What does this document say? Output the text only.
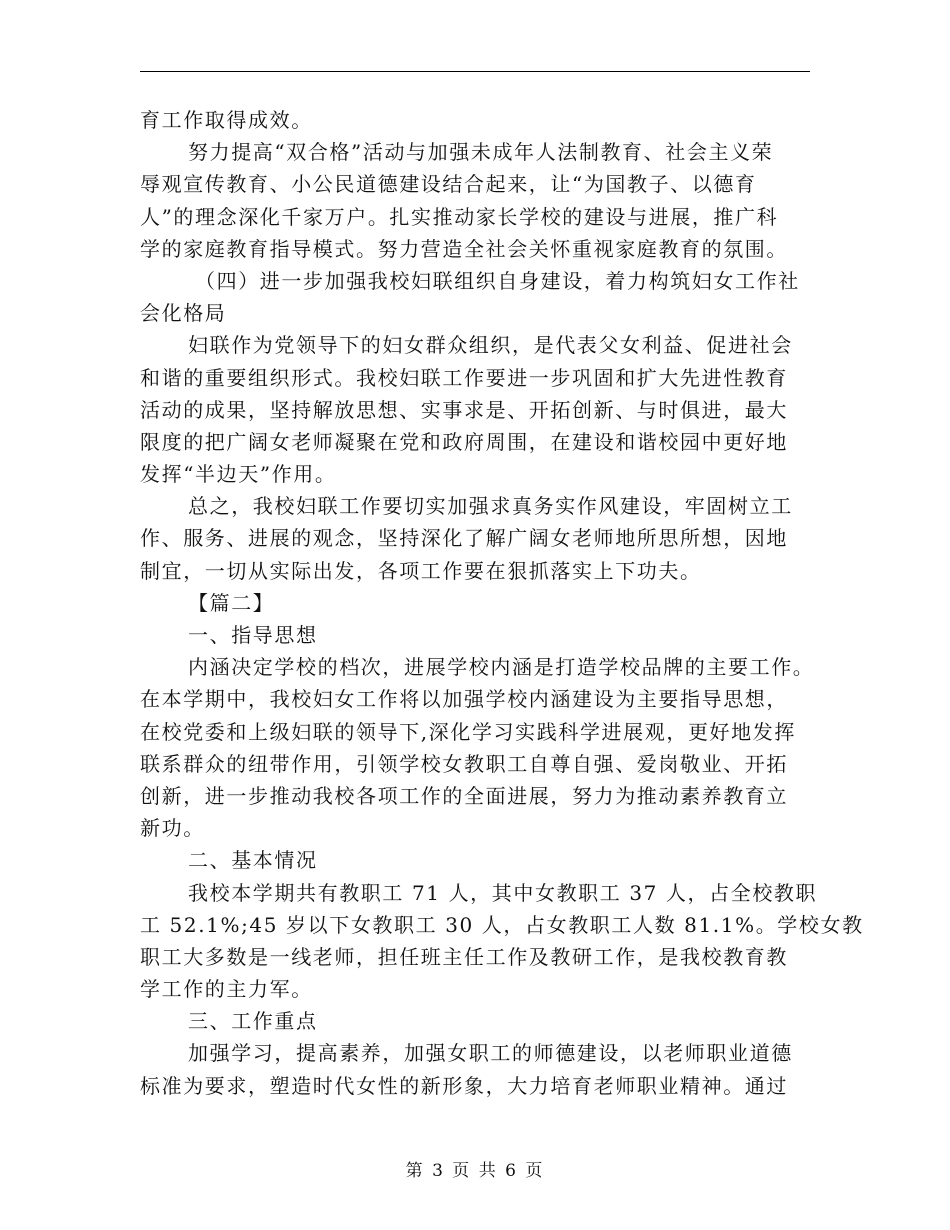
育工作取得成效。
努力提高“双合格”活动与加强未成年人法制教育、社会主义荣
辱观宣传教育、小公民道德建设结合起来，让“为国教子、以德育
人”的理念深化千家万户。扎实推动家长学校的建设与进展，推广科
学的家庭教育指导模式。努力营造全社会关怀重视家庭教育的氛围。
（四）进一步加强我校妇联组织自身建设，着力构筑妇女工作社
会化格局
妇联作为党领导下的妇女群众组织，是代表父女利益、促进社会
和谐的重要组织形式。我校妇联工作要进一步巩固和扩大先进性教育
活动的成果，坚持解放思想、实事求是、开拓创新、与时俱进，最大
限度的把广阔女老师凝聚在党和政府周围，在建设和谐校园中更好地
发挥“半边天”作用。
总之，我校妇联工作要切实加强求真务实作风建设，牢固树立工
作、服务、进展的观念，坚持深化了解广阔女老师地所思所想，因地
制宜，一切从实际出发，各项工作要在狠抓落实上下功夫。
【篇二】
一、指导思想
内涵决定学校的档次，进展学校内涵是打造学校品牌的主要工作。
在本学期中，我校妇女工作将以加强学校内涵建设为主要指导思想，
在校党委和上级妇联的领导下,深化学习实践科学进展观，更好地发挥
联系群众的纽带作用，引领学校女教职工自尊自强、爱岗敬业、开拓
创新，进一步推动我校各项工作的全面进展，努力为推动素养教育立
新功。
二、基本情况
我校本学期共有教职工 71 人，其中女教职工 37 人，占全校教职
工 52.1%;45 岁以下女教职工 30 人，占女教职工人数 81.1%。学校女教
职工大多数是一线老师，担任班主任工作及教研工作，是我校教育教
学工作的主力军。
三、工作重点
加强学习，提高素养，加强女职工的师德建设，以老师职业道德
标准为要求，塑造时代女性的新形象，大力培育老师职业精神。通过
第 3 页 共 6 页
